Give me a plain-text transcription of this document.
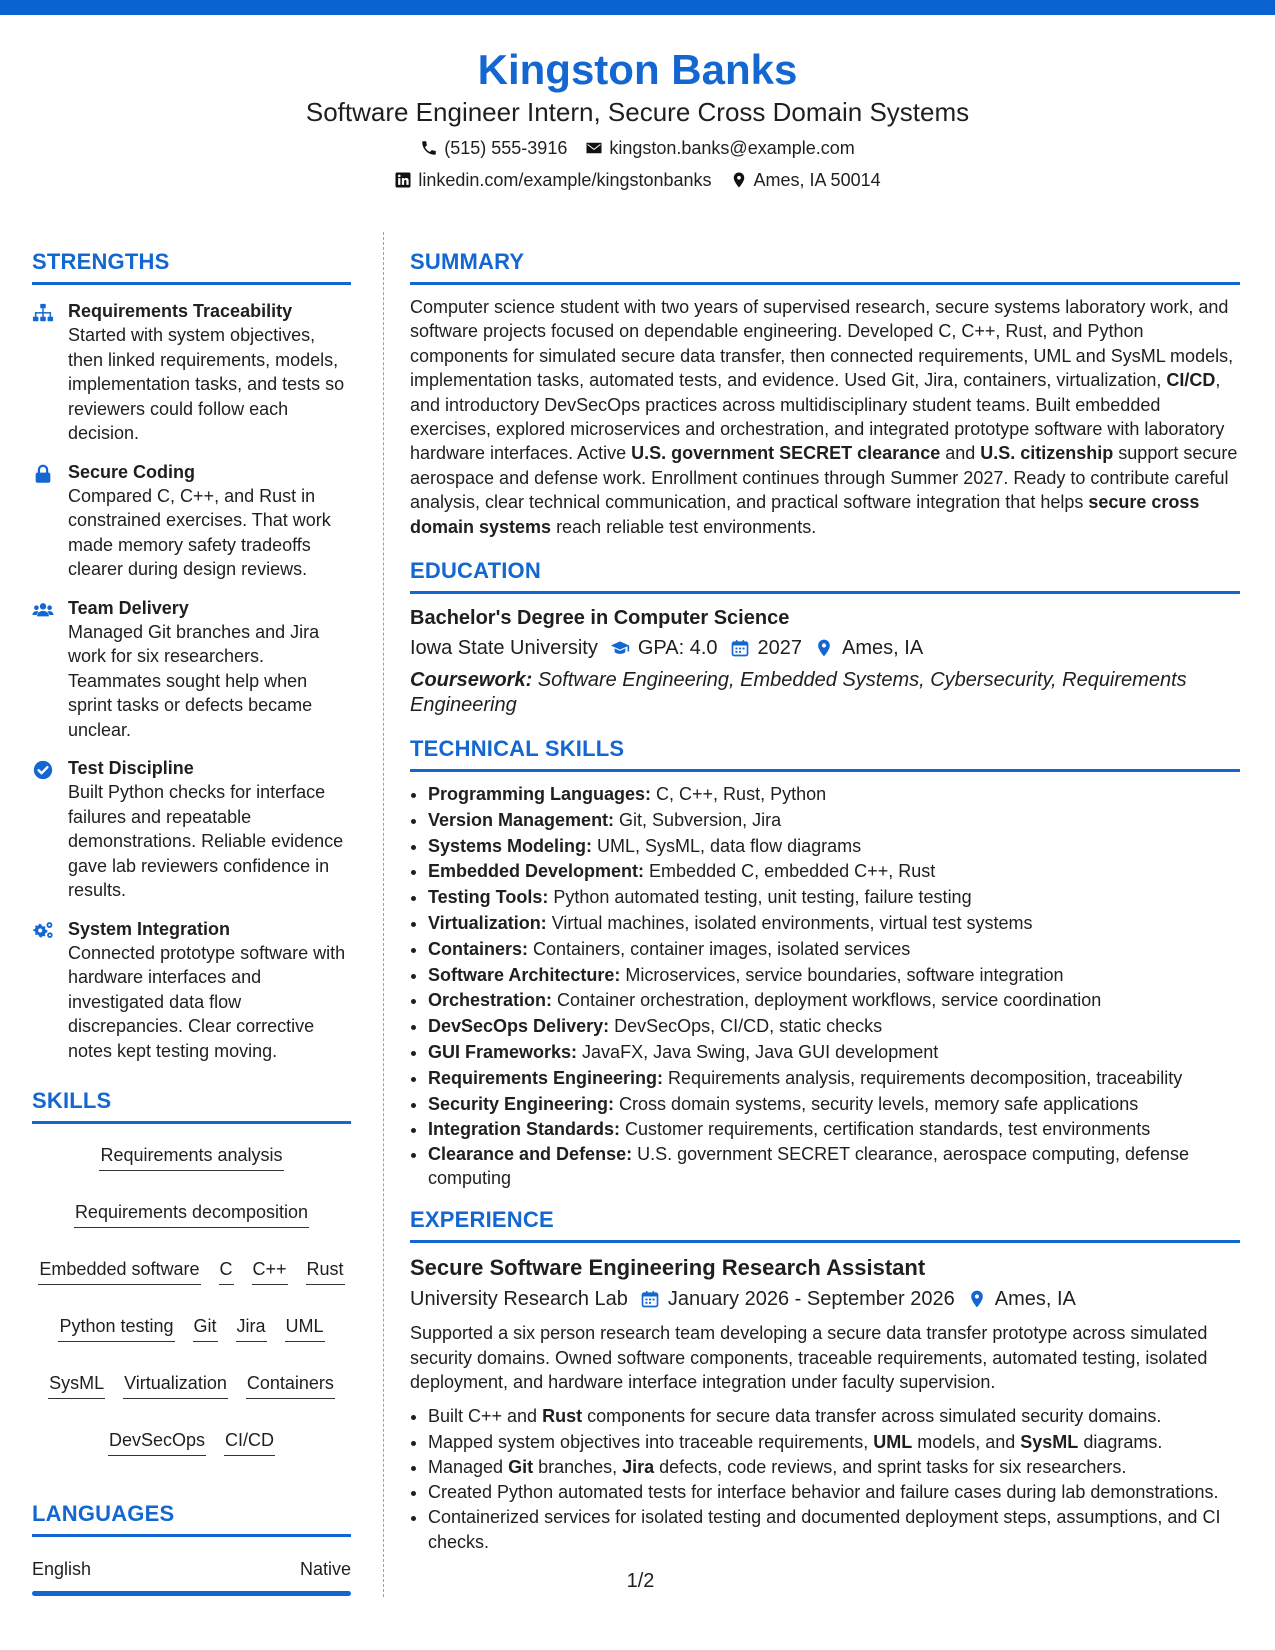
Kingston Banks
Software Engineer Intern, Secure Cross Domain Systems
(515) 555-3916 kingston.banks@example.com
linkedin.com/example/kingstonbanks Ames, IA 50014
STRENGTHS
Requirements Traceability
Started with system objectives, then linked requirements, models, implementation tasks, and tests so reviewers could follow each decision.
Secure Coding
Compared C, C++, and Rust in constrained exercises. That work made memory safety tradeoffs clearer during design reviews.
Team Delivery
Managed Git branches and Jira work for six researchers. Teammates sought help when sprint tasks or defects became unclear.
Test Discipline
Built Python checks for interface failures and repeatable demonstrations. Reliable evidence gave lab reviewers confidence in results.
System Integration
Connected prototype software with hardware interfaces and investigated data flow discrepancies. Clear corrective notes kept testing moving.
SKILLS
Requirements analysis
Requirements decomposition
Embedded software C C++ Rust
Python testing Git Jira UML
SysML Virtualization Containers
DevSecOps CI/CD
LANGUAGES
English	Native
SUMMARY
Computer science student with two years of supervised research, secure systems laboratory work, and software projects focused on dependable engineering. Developed C, C++, Rust, and Python components for simulated secure data transfer, then connected requirements, UML and SysML models, implementation tasks, automated tests, and evidence. Used Git, Jira, containers, virtualization, CI/CD, and introductory DevSecOps practices across multidisciplinary student teams. Built embedded exercises, explored microservices and orchestration, and integrated prototype software with laboratory hardware interfaces. Active U.S. government SECRET clearance and U.S. citizenship support secure aerospace and defense work. Enrollment continues through Summer 2027. Ready to contribute careful analysis, clear technical communication, and practical software integration that helps secure cross domain systems reach reliable test environments.
EDUCATION
Bachelor's Degree in Computer Science
Iowa State University GPA: 4.0 2027 Ames, IA
Coursework: Software Engineering, Embedded Systems, Cybersecurity, Requirements Engineering
TECHNICAL SKILLS
• Programming Languages: C, C++, Rust, Python
• Version Management: Git, Subversion, Jira
• Systems Modeling: UML, SysML, data flow diagrams
• Embedded Development: Embedded C, embedded C++, Rust
• Testing Tools: Python automated testing, unit testing, failure testing
• Virtualization: Virtual machines, isolated environments, virtual test systems
• Containers: Containers, container images, isolated services
• Software Architecture: Microservices, service boundaries, software integration
• Orchestration: Container orchestration, deployment workflows, service coordination
• DevSecOps Delivery: DevSecOps, CI/CD, static checks
• GUI Frameworks: JavaFX, Java Swing, Java GUI development
• Requirements Engineering: Requirements analysis, requirements decomposition, traceability
• Security Engineering: Cross domain systems, security levels, memory safe applications
• Integration Standards: Customer requirements, certification standards, test environments
• Clearance and Defense: U.S. government SECRET clearance, aerospace computing, defense computing
EXPERIENCE
Secure Software Engineering Research Assistant
University Research Lab January 2026 - September 2026 Ames, IA
Supported a six person research team developing a secure data transfer prototype across simulated security domains. Owned software components, traceable requirements, automated testing, isolated deployment, and hardware interface integration under faculty supervision.
• Built C++ and Rust components for secure data transfer across simulated security domains.
• Mapped system objectives into traceable requirements, UML models, and SysML diagrams.
• Managed Git branches, Jira defects, code reviews, and sprint tasks for six researchers.
• Created Python automated tests for interface behavior and failure cases during lab demonstrations.
• Containerized services for isolated testing and documented deployment steps, assumptions, and CI checks.
1/2
